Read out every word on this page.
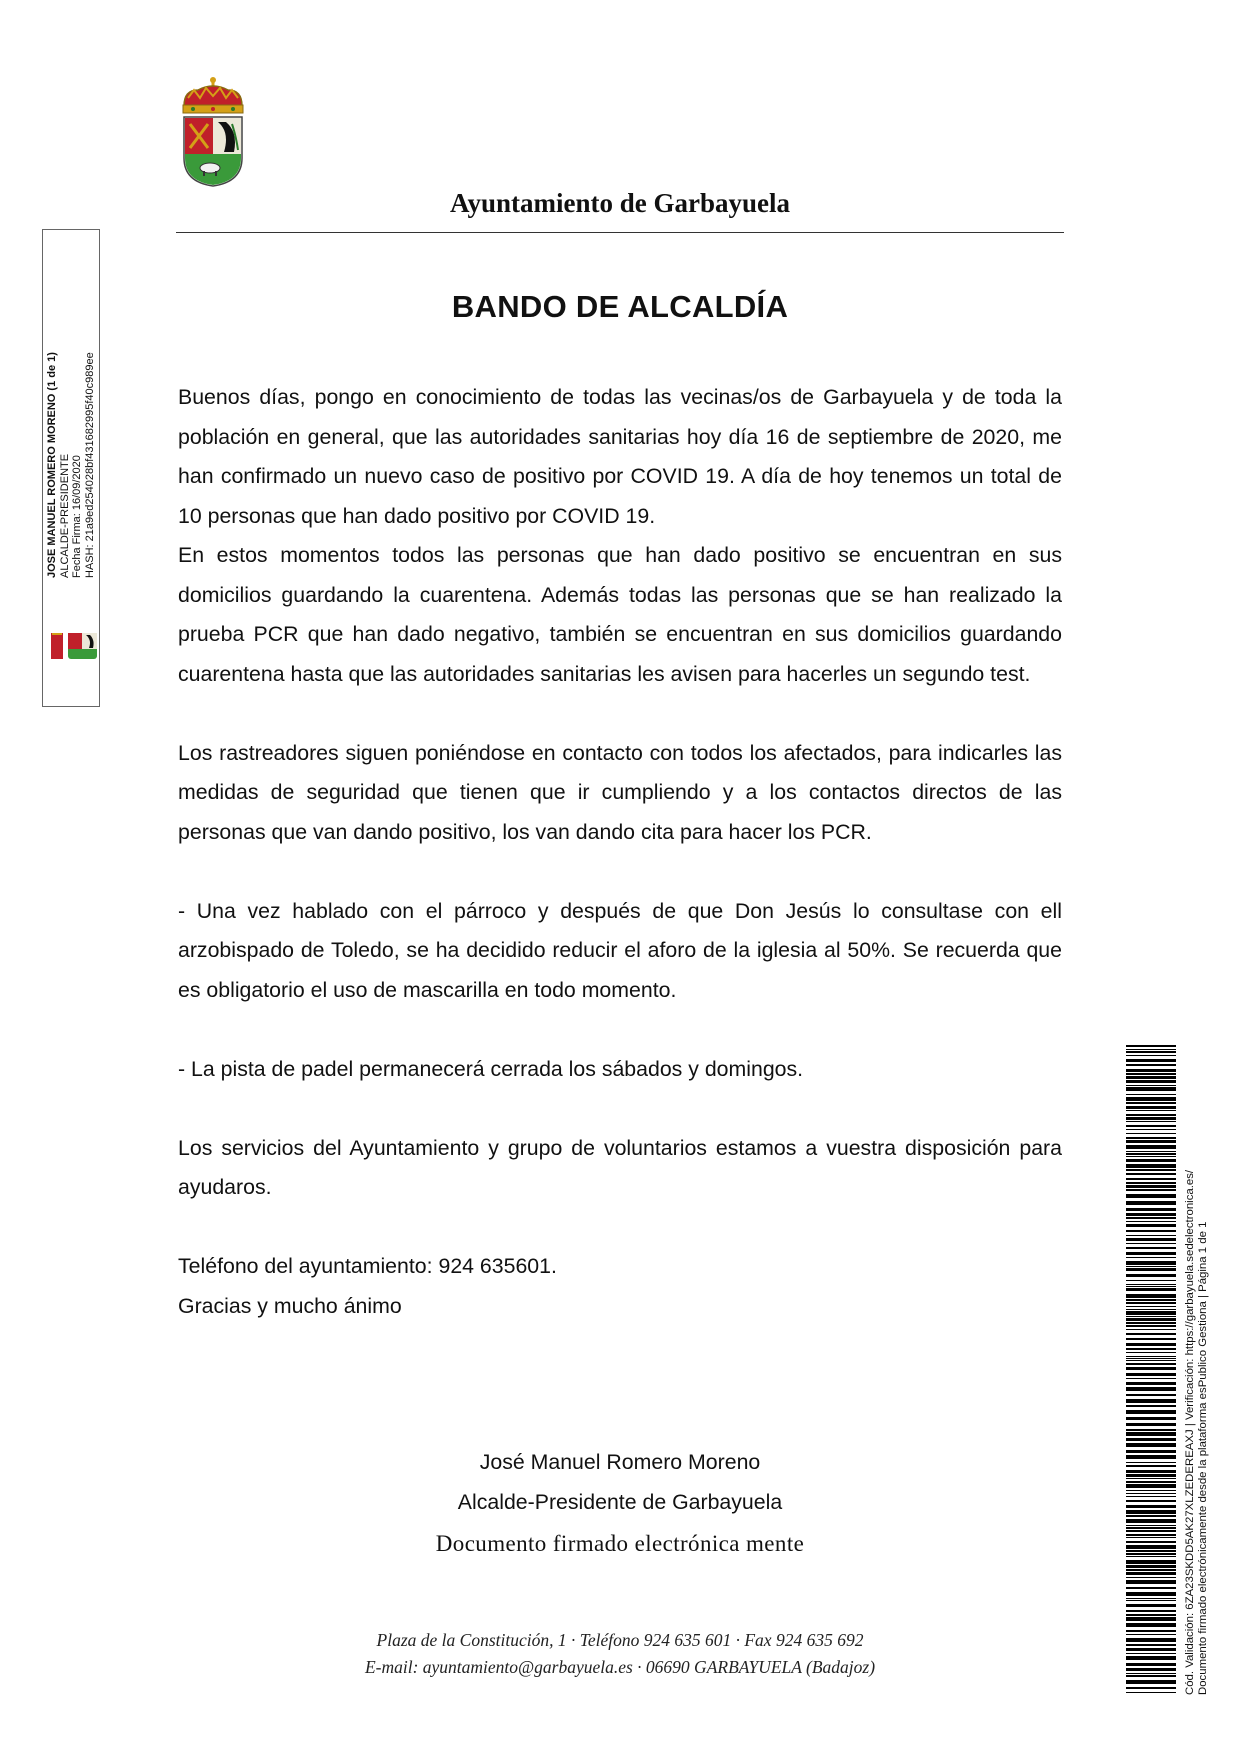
Ayuntamiento de Garbayuela
BANDO DE ALCALDÍA

Buenos días, pongo en conocimiento de todas las vecinas/os de Garbayuela y de toda la población en general, que las autoridades sanitarias hoy día 16 de septiembre de 2020, me han confirmado un nuevo caso de positivo por COVID 19. A día de hoy tenemos un total de 10 personas que han dado positivo por COVID 19.

En estos momentos todos las personas que han dado positivo se encuentran en sus domicilios guardando la cuarentena. Además todas las personas que se han realizado la prueba PCR que han dado negativo, también se encuentran en sus domicilios guardando cuarentena hasta que las autoridades sanitarias les avisen para hacerles un segundo test.

Los rastreadores siguen poniéndose en contacto con todos los afectados, para indicarles las medidas de seguridad que tienen que ir cumpliendo y a los contactos directos de las personas que van dando positivo, los van dando cita para hacer los PCR.

- Una vez hablado con el párroco y después de que Don Jesús lo consultase con ell arzobispado de Toledo, se ha decidido reducir el aforo de la iglesia al 50%. Se recuerda que es obligatorio el uso de mascarilla en todo momento.

- La pista de padel permanecerá cerrada los sábados y domingos.

Los servicios del Ayuntamiento y grupo de voluntarios estamos a vuestra disposición para ayudaros.

Teléfono del ayuntamiento: 924 635601.

Gracias y mucho ánimo

José Manuel Romero Moreno
Alcalde-Presidente de Garbayuela
Documento firmado electrónica mente
Plaza de la Constitución, 1 · Teléfono 924 635 601 · Fax 924 635 692
E-mail: ayuntamiento@garbayuela.es · 06690 GARBAYUELA (Badajoz)
JOSE MANUEL ROMERO MORENO (1 de 1) ALCALDE-PRESIDENTE Fecha Firma: 16/09/2020 HASH: 21a9ed254028bf431682995f40c989ee
Cód. Validación: 6ZA23SKDD5AK27XLZEDEREAXJ | Verificación: https://garbayuela.sedelectronica.es/ Documento firmado electrónicamente desde la plataforma esPublico Gestiona | Página 1 de 1
